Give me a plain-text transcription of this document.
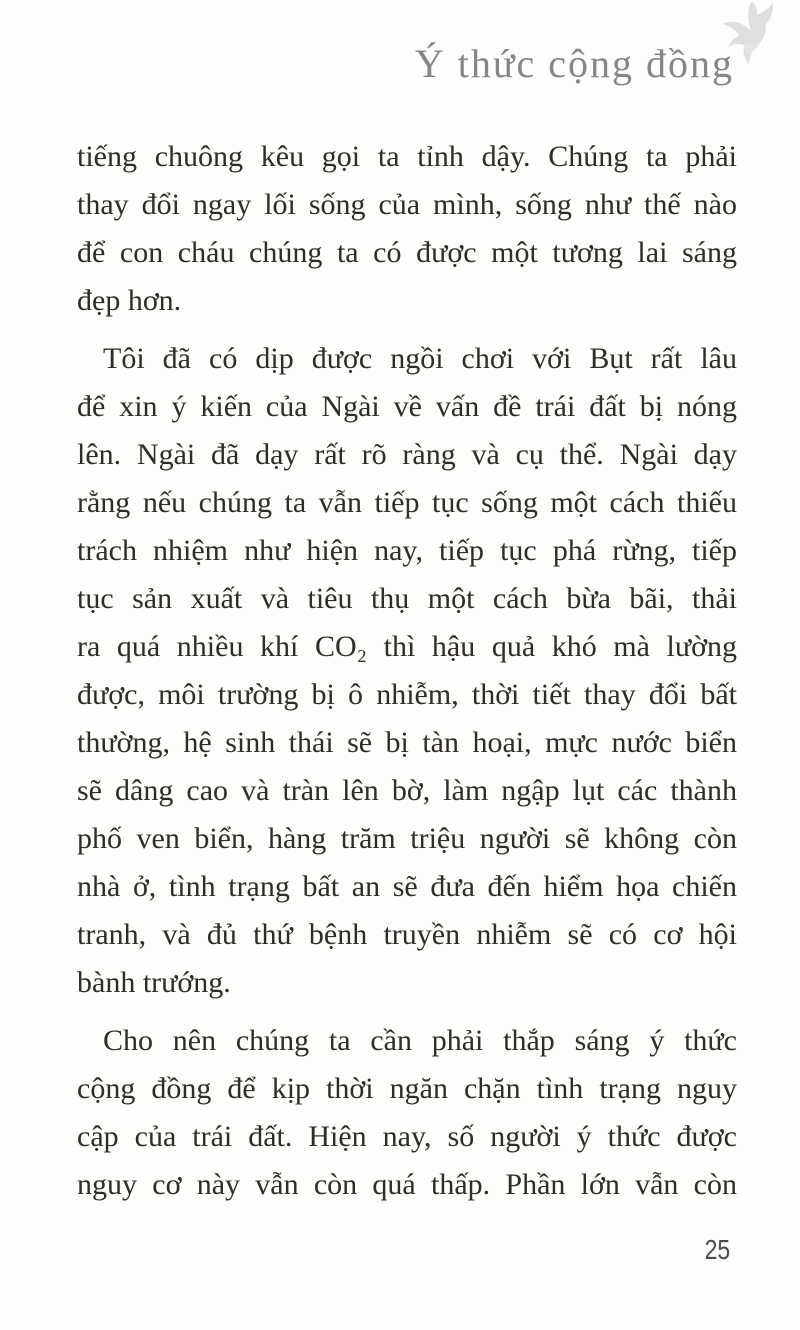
Ý thức cộng đồng
tiếng chuông kêu gọi ta tỉnh dậy. Chúng ta phải
thay đổi ngay lối sống của mình, sống như thế nào
để con cháu chúng ta có được một tương lai sáng
đẹp hơn.
Tôi đã có dịp được ngồi chơi với Bụt rất lâu
để xin ý kiến của Ngài về vấn đề trái đất bị nóng
lên. Ngài đã dạy rất rõ ràng và cụ thể. Ngài dạy
rằng nếu chúng ta vẫn tiếp tục sống một cách thiếu
trách nhiệm như hiện nay, tiếp tục phá rừng, tiếp
tục sản xuất và tiêu thụ một cách bừa bãi, thải
ra quá nhiều khí CO₂ thì hậu quả khó mà lường
được, môi trường bị ô nhiễm, thời tiết thay đổi bất
thường, hệ sinh thái sẽ bị tàn hoại, mực nước biển
sẽ dâng cao và tràn lên bờ, làm ngập lụt các thành
phố ven biển, hàng trăm triệu người sẽ không còn
nhà ở, tình trạng bất an sẽ đưa đến hiểm họa chiến
tranh, và đủ thứ bệnh truyền nhiễm sẽ có cơ hội
bành trướng.
Cho nên chúng ta cần phải thắp sáng ý thức
cộng đồng để kịp thời ngăn chặn tình trạng nguy
cập của trái đất. Hiện nay, số người ý thức được
nguy cơ này vẫn còn quá thấp. Phần lớn vẫn còn
25
